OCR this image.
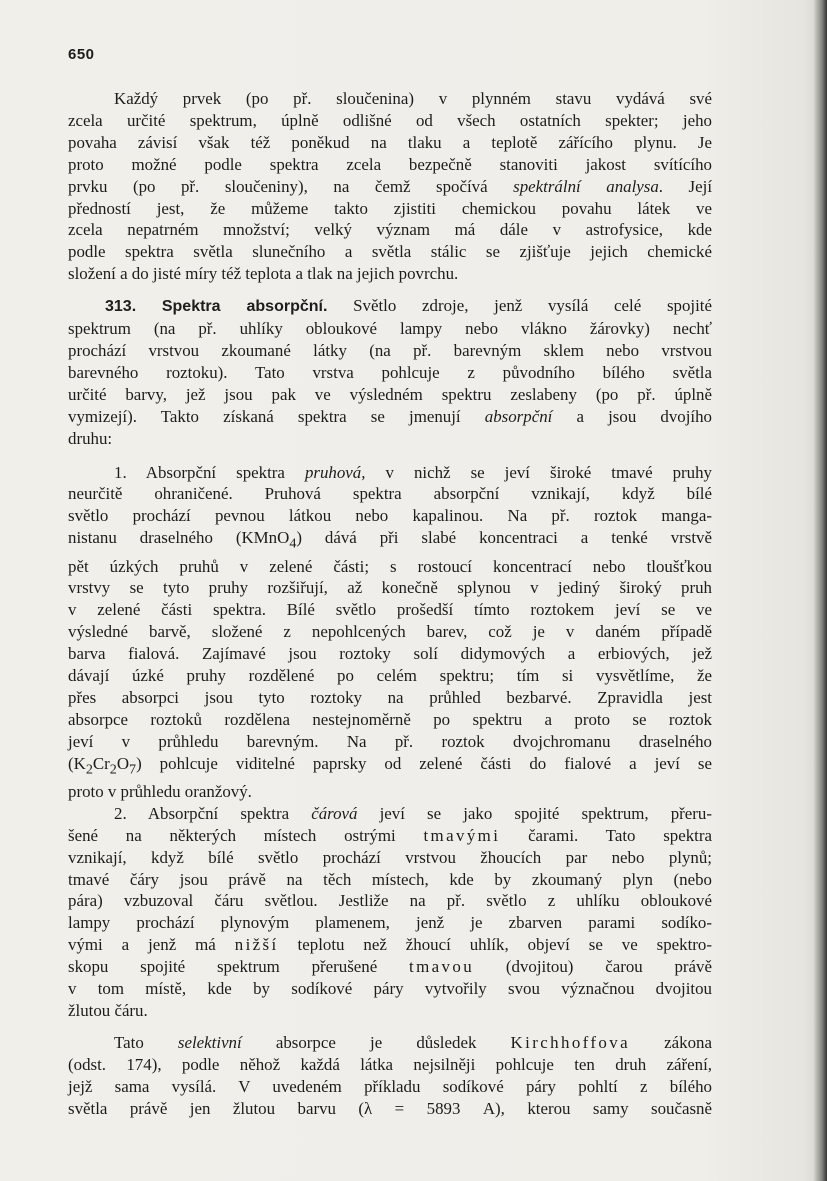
650
Každý prvek (po př. sloučenina) v plynném stavu vydává své
zcela určité spektrum, úplně odlišné od všech ostatních spekter; jeho
povaha závisí však též poněkud na tlaku a teplotě zářícího plynu. Je
proto možné podle spektra zcela bezpečně stanoviti jakost svítícího
prvku (po př. sloučeniny), na čemž spočívá spektrální analysa. Její
předností jest, že můžeme takto zjistiti chemickou povahu látek ve
zcela nepatrném množství; velký význam má dále v astrofysice, kde
podle spektra světla slunečního a světla stálic se zjišťuje jejich chemické
složení a do jisté míry též teplota a tlak na jejich povrchu.
313. Spektra absorpční. Světlo zdroje, jenž vysílá celé spojité
spektrum (na př. uhlíky obloukové lampy nebo vlákno žárovky) nechť
prochází vrstvou zkoumané látky (na př. barevným sklem nebo vrstvou
barevného roztoku). Tato vrstva pohlcuje z původního bílého světla
určité barvy, jež jsou pak ve výsledném spektru zeslabeny (po př. úplně
vymizejí). Takto získaná spektra se jmenují absorpční a jsou dvojího
druhu:
1. Absorpční spektra pruhová, v nichž se jeví široké tmavé pruhy
neurčitě ohraničené. Pruhová spektra absorpční vznikají, když bílé
světlo prochází pevnou látkou nebo kapalinou. Na př. roztok manga-
nistanu draselného (KMnO$_4$) dává při slabé koncentraci a tenké vrstvě
pět úzkých pruhů v zelené části; s rostoucí koncentrací nebo tloušťkou
vrstvy se tyto pruhy rozšiřují, až konečně splynou v jediný široký pruh
v zelené části spektra. Bílé světlo prošedší tímto roztokem jeví se ve
výsledné barvě, složené z nepohlcených barev, což je v daném případě
barva fialová. Zajímavé jsou roztoky solí didymových a erbiových, jež
dávají úzké pruhy rozdělené po celém spektru; tím si vysvětlíme, že
přes absorpci jsou tyto roztoky na průhled bezbarvé. Zpravidla jest
absorpce roztoků rozdělena nestejnoměrně po spektru a proto se roztok
jeví v průhledu barevným. Na př. roztok dvojchromanu draselného
$(K_2Cr_2O_7)$ pohlcuje viditelné paprsky od zelené části do fialové a jeví se
proto v průhledu oranžový.
2. Absorpční spektra čárová jeví se jako spojité spektrum, přeru-
šené na některých místech ostrými tmavými čarami. Tato spektra
vznikají, když bílé světlo prochází vrstvou žhoucích par nebo plynů;
tmavé čáry jsou právě na těch místech, kde by zkoumaný plyn (nebo
pára) vzbuzoval čáru světlou. Jestliže na př. světlo z uhlíku obloukové
lampy prochází plynovým plamenem, jenž je zbarven parami sodíko-
vými a jenž má nižší teplotu než žhoucí uhlík, objeví se ve spektro-
skopu spojité spektrum přerušené tmavou (dvojitou) čarou právě
v tom místě, kde by sodíkové páry vytvořily svou význačnou dvojitou
žlutou čáru.
Tato selektivní absorpce je důsledek Kirchhoffova zákona
(odst. 174), podle něhož každá látka nejsilněji pohlcuje ten druh záření,
jejž sama vysílá. V uvedeném příkladu sodíkové páry pohltí z bílého
světla právě jen žlutou barvu (λ = 5893 A), kterou samy současně
